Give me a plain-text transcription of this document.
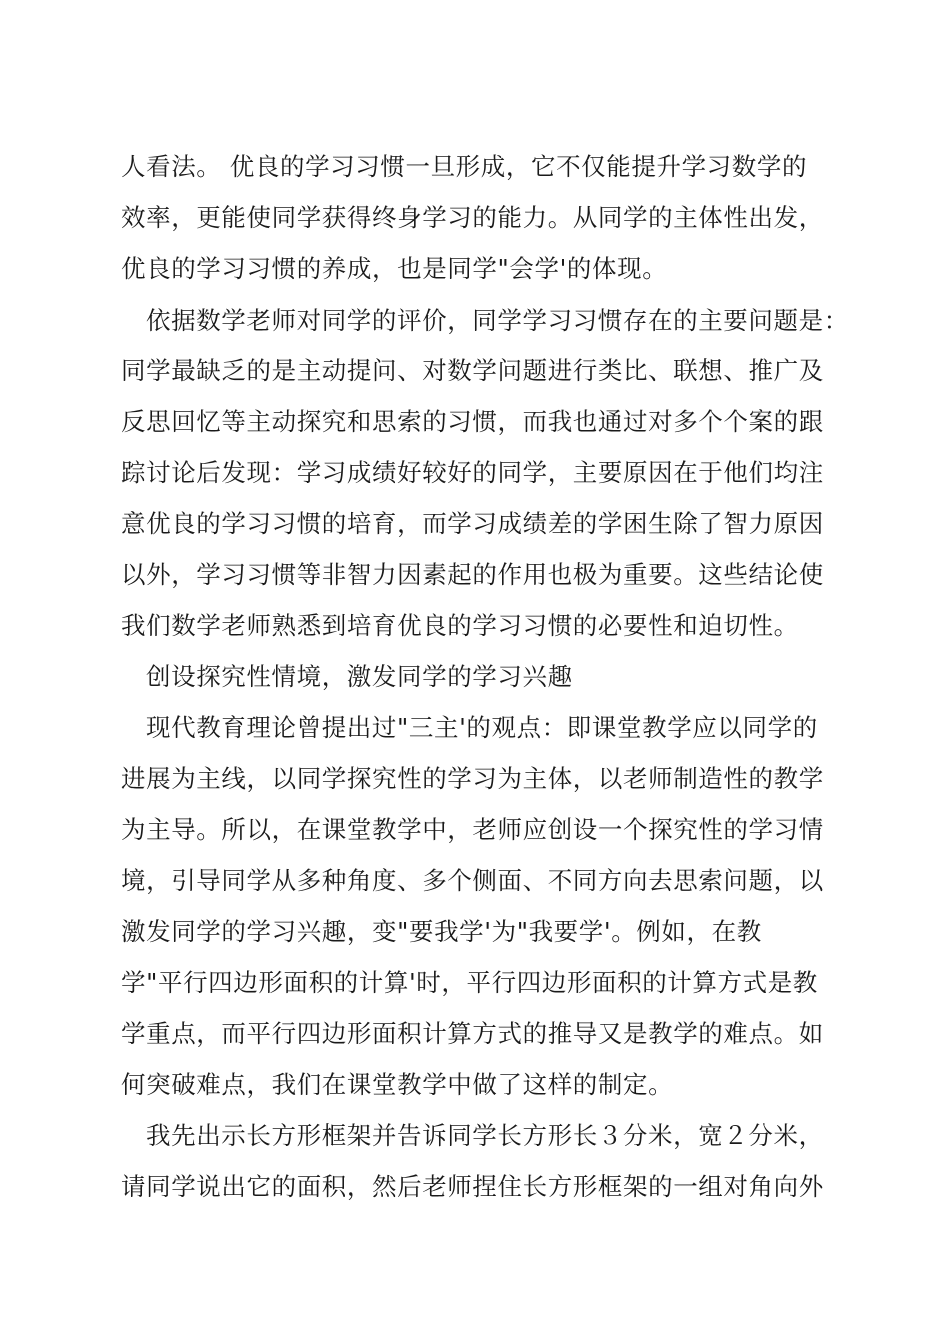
人看法。 优良的学习习惯一旦形成，它不仅能提升学习数学的
效率，更能使同学获得终身学习的能力。从同学的主体性出发，
优良的学习习惯的养成，也是同学"会学'的体现。
依据数学老师对同学的评价，同学学习习惯存在的主要问题是：
同学最缺乏的是主动提问、对数学问题进行类比、联想、推广及
反思回忆等主动探究和思索的习惯，而我也通过对多个个案的跟
踪讨论后发现：学习成绩好较好的同学，主要原因在于他们均注
意优良的学习习惯的培育，而学习成绩差的学困生除了智力原因
以外，学习习惯等非智力因素起的作用也极为重要。这些结论使
我们数学老师熟悉到培育优良的学习习惯的必要性和迫切性。
创设探究性情境，激发同学的学习兴趣
现代教育理论曾提出过"三主'的观点：即课堂教学应以同学的
进展为主线，以同学探究性的学习为主体，以老师制造性的教学
为主导。所以，在课堂教学中，老师应创设一个探究性的学习情
境，引导同学从多种角度、多个侧面、不同方向去思索问题，以
激发同学的学习兴趣，变"要我学'为"我要学'。例如，在教
学"平行四边形面积的计算'时，平行四边形面积的计算方式是教
学重点，而平行四边形面积计算方式的推导又是教学的难点。如
何突破难点，我们在课堂教学中做了这样的制定。
我先出示长方形框架并告诉同学长方形长３分米，宽２分米，
请同学说出它的面积，然后老师捏住长方形框架的一组对角向外
